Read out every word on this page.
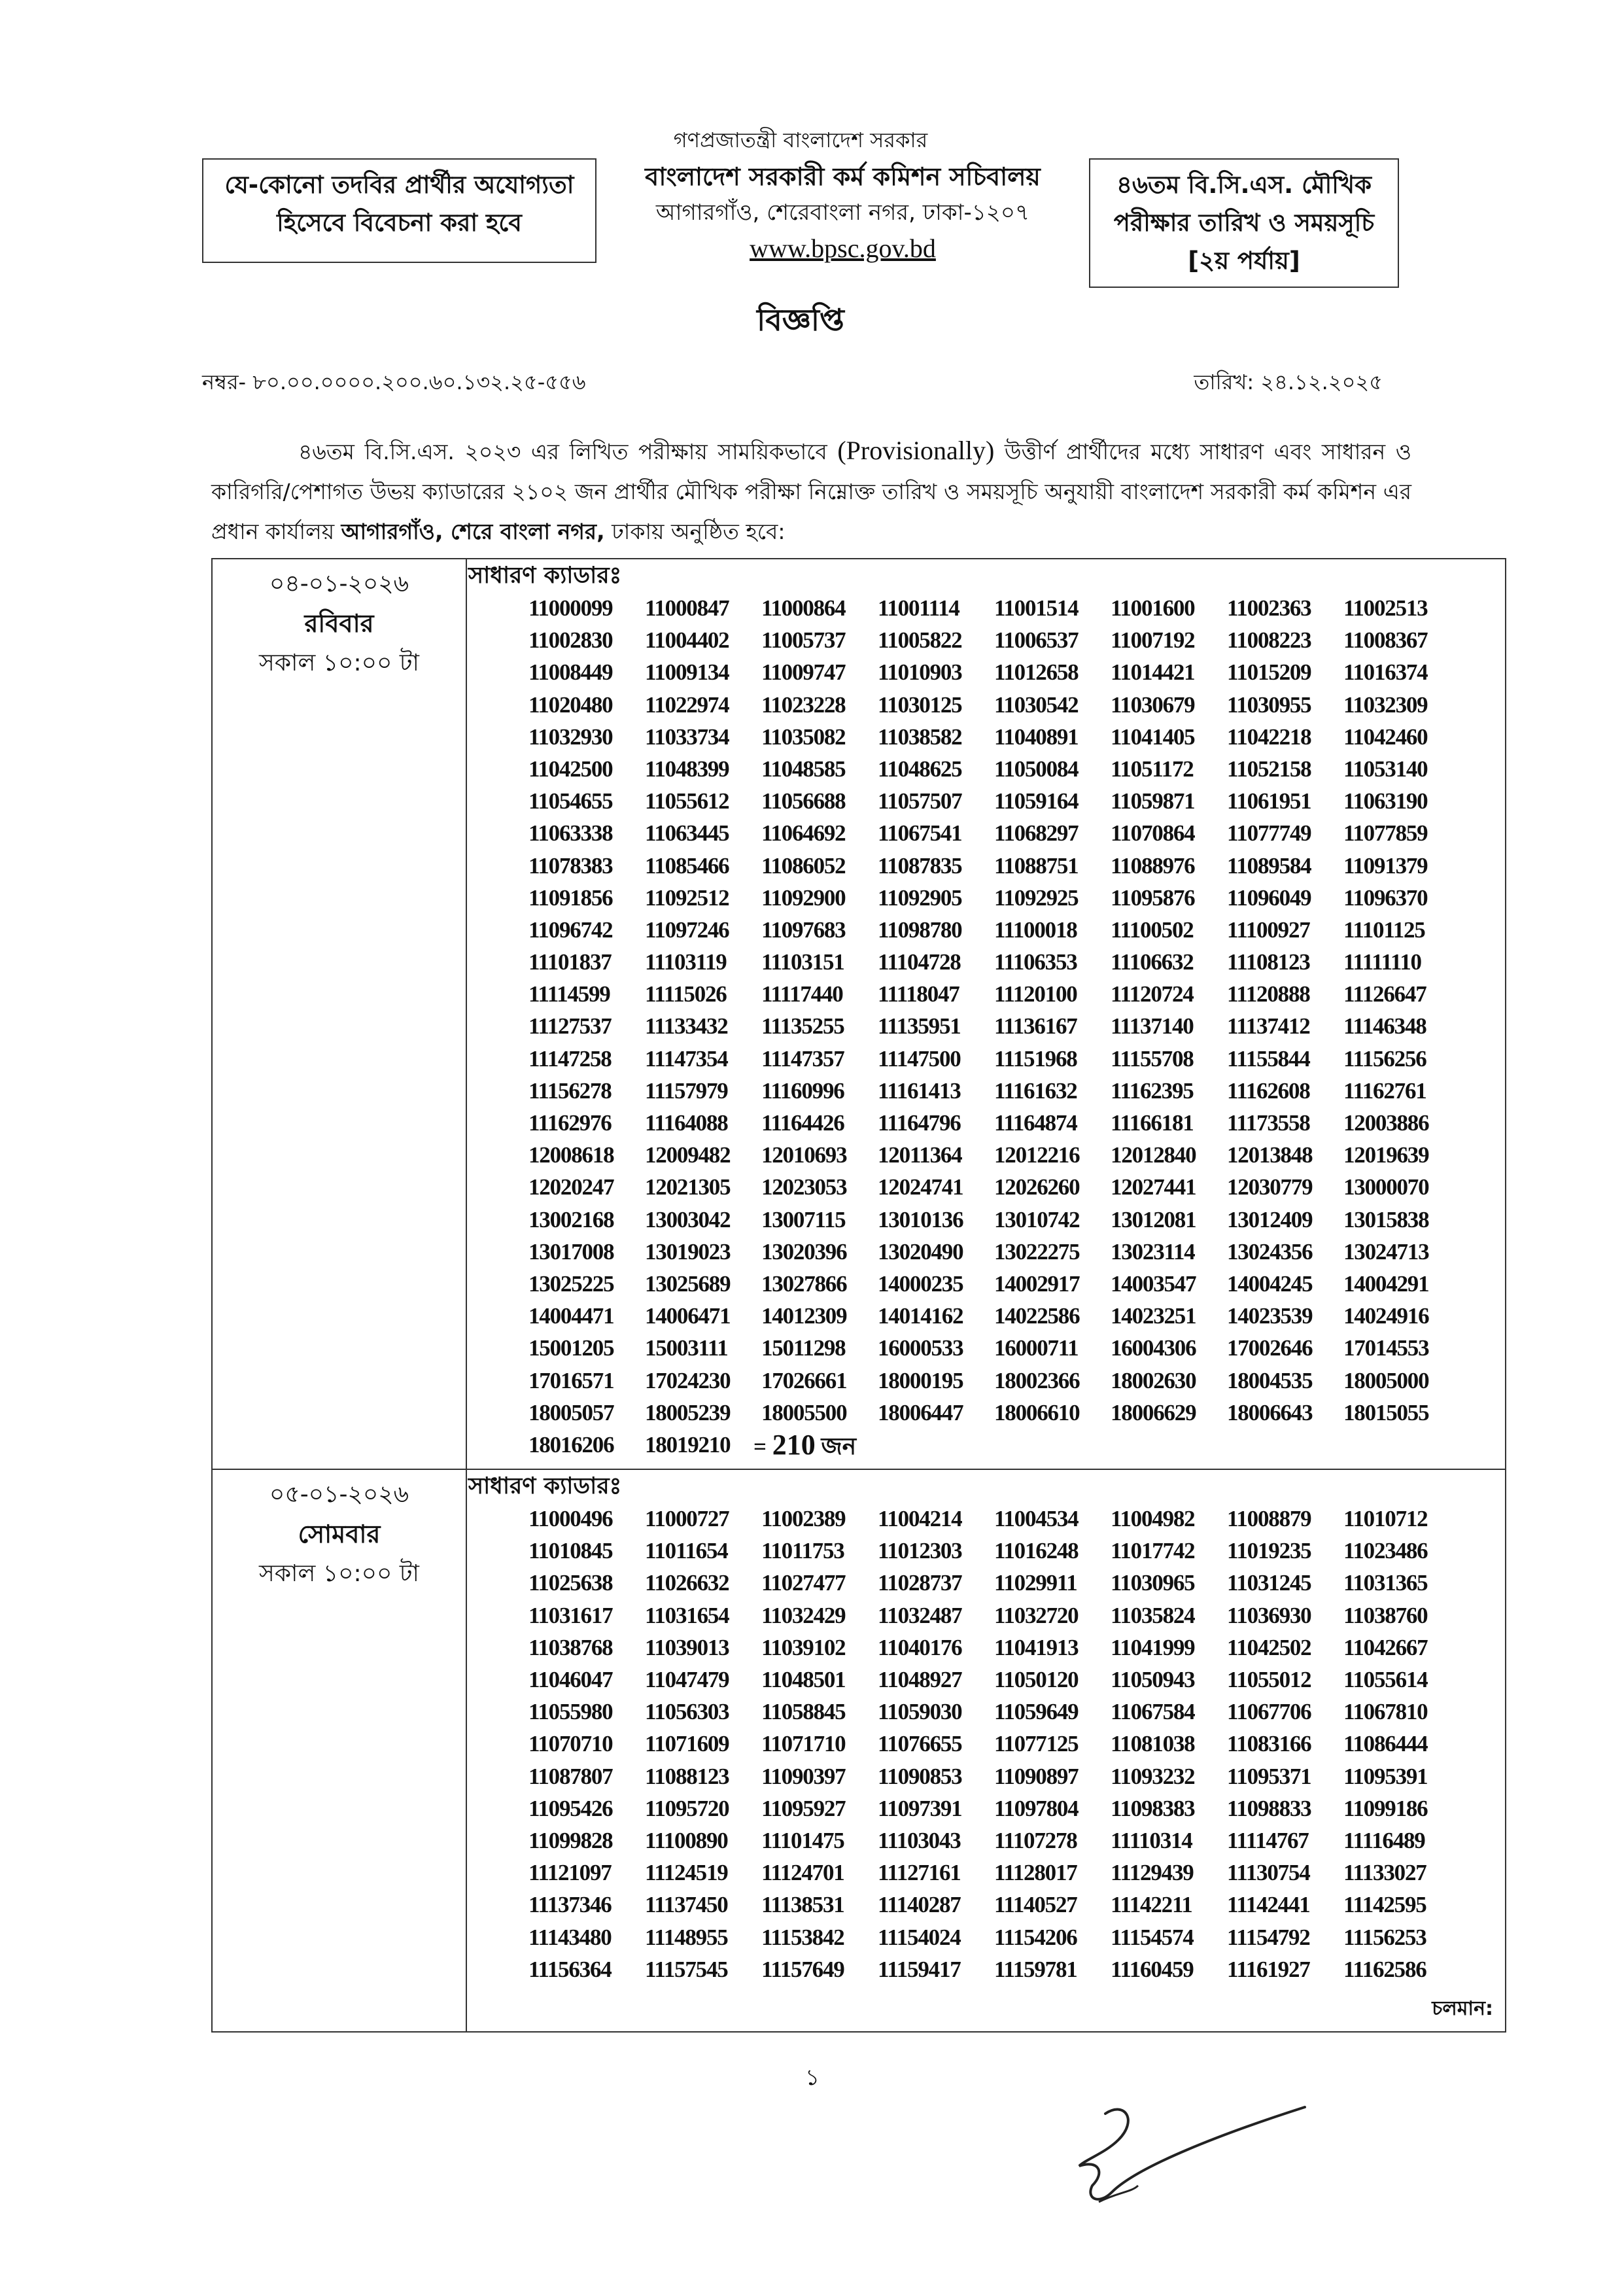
গণপ্রজাতন্ত্রী বাংলাদেশ সরকার
যে-কোনো তদবির প্রার্থীর অযোগ্যতা
হিসেবে বিবেচনা করা হবে
বাংলাদেশ সরকারী কর্ম কমিশন সচিবালয়
আগারগাঁও, শেরেবাংলা নগর, ঢাকা-১২০৭
www.bpsc.gov.bd
৪৬তম বি.সি.এস. মৌখিক
পরীক্ষার তারিখ ও সময়সূচি
[২য় পর্যায়]
বিজ্ঞপ্তি
নম্বর- ৮০.০০.০০০০.২০০.৬০.১৩২.২৫-৫৫৬	তারিখ: ২৪.১২.২০২৫
৪৬তম বি.সি.এস. ২০২৩ এর লিখিত পরীক্ষায় সাময়িকভাবে (Provisionally) উত্তীর্ণ প্রার্থীদের মধ্যে সাধারণ এবং সাধারন ও কারিগরি/পেশাগত উভয় ক্যাডারের ২১০২ জন প্রার্থীর মৌখিক পরীক্ষা নিম্নোক্ত তারিখ ও সময়সূচি অনুযায়ী বাংলাদেশ সরকারী কর্ম কমিশন এর প্রধান কার্যালয় আগারগাঁও, শেরে বাংলা নগর, ঢাকায় অনুষ্ঠিত হবে:
০৪-০১-২০২৬
রবিবার
সকাল ১০:০০ টা
সাধারণ ক্যাডারঃ
11000099	11000847	11000864	11001114	11001514	11001600	11002363	11002513
11002830	11004402	11005737	11005822	11006537	11007192	11008223	11008367
11008449	11009134	11009747	11010903	11012658	11014421	11015209	11016374
11020480	11022974	11023228	11030125	11030542	11030679	11030955	11032309
11032930	11033734	11035082	11038582	11040891	11041405	11042218	11042460
11042500	11048399	11048585	11048625	11050084	11051172	11052158	11053140
11054655	11055612	11056688	11057507	11059164	11059871	11061951	11063190
11063338	11063445	11064692	11067541	11068297	11070864	11077749	11077859
11078383	11085466	11086052	11087835	11088751	11088976	11089584	11091379
11091856	11092512	11092900	11092905	11092925	11095876	11096049	11096370
11096742	11097246	11097683	11098780	11100018	11100502	11100927	11101125
11101837	11103119	11103151	11104728	11106353	11106632	11108123	11111110
11114599	11115026	11117440	11118047	11120100	11120724	11120888	11126647
11127537	11133432	11135255	11135951	11136167	11137140	11137412	11146348
11147258	11147354	11147357	11147500	11151968	11155708	11155844	11156256
11156278	11157979	11160996	11161413	11161632	11162395	11162608	11162761
11162976	11164088	11164426	11164796	11164874	11166181	11173558	12003886
12008618	12009482	12010693	12011364	12012216	12012840	12013848	12019639
12020247	12021305	12023053	12024741	12026260	12027441	12030779	13000070
13002168	13003042	13007115	13010136	13010742	13012081	13012409	13015838
13017008	13019023	13020396	13020490	13022275	13023114	13024356	13024713
13025225	13025689	13027866	14000235	14002917	14003547	14004245	14004291
14004471	14006471	14012309	14014162	14022586	14023251	14023539	14024916
15001205	15003111	15011298	16000533	16000711	16004306	17002646	17014553
17016571	17024230	17026661	18000195	18002366	18002630	18004535	18005000
18005057	18005239	18005500	18006447	18006610	18006629	18006643	18015055
18016206	18019210	= 210 জন
০৫-০১-২০২৬
সোমবার
সকাল ১০:০০ টা
সাধারণ ক্যাডারঃ
11000496	11000727	11002389	11004214	11004534	11004982	11008879	11010712
11010845	11011654	11011753	11012303	11016248	11017742	11019235	11023486
11025638	11026632	11027477	11028737	11029911	11030965	11031245	11031365
11031617	11031654	11032429	11032487	11032720	11035824	11036930	11038760
11038768	11039013	11039102	11040176	11041913	11041999	11042502	11042667
11046047	11047479	11048501	11048927	11050120	11050943	11055012	11055614
11055980	11056303	11058845	11059030	11059649	11067584	11067706	11067810
11070710	11071609	11071710	11076655	11077125	11081038	11083166	11086444
11087807	11088123	11090397	11090853	11090897	11093232	11095371	11095391
11095426	11095720	11095927	11097391	11097804	11098383	11098833	11099186
11099828	11100890	11101475	11103043	11107278	11110314	11114767	11116489
11121097	11124519	11124701	11127161	11128017	11129439	11130754	11133027
11137346	11137450	11138531	11140287	11140527	11142211	11142441	11142595
11143480	11148955	11153842	11154024	11154206	11154574	11154792	11156253
11156364	11157545	11157649	11159417	11159781	11160459	11161927	11162586
চলমান:
১
